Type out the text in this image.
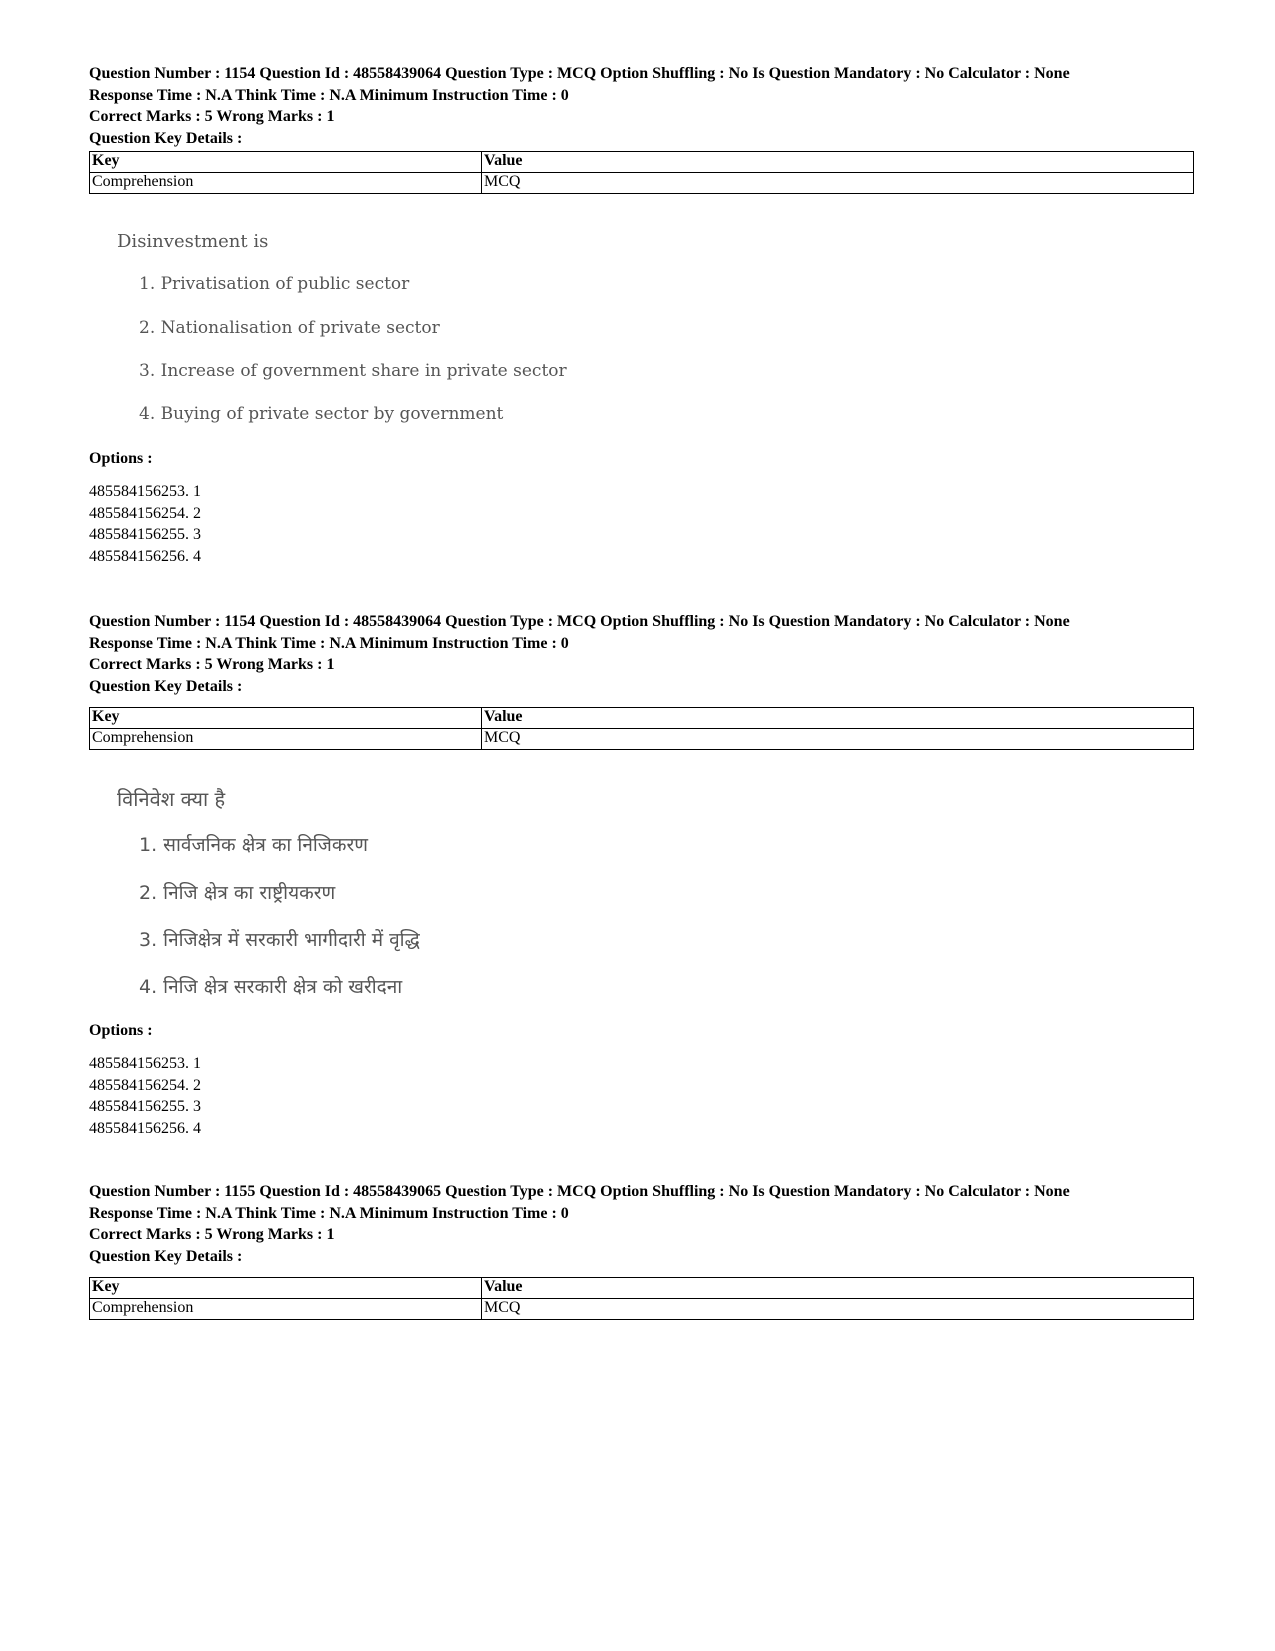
Question Number : 1154 Question Id : 48558439064 Question Type : MCQ Option Shuffling : No Is Question Mandatory : No Calculator : None
Response Time : N.A Think Time : N.A Minimum Instruction Time : 0
Correct Marks : 5 Wrong Marks : 1
Question Key Details :
Key	Value
Comprehension	MCQ
Disinvestment is
1. Privatisation of public sector
2. Nationalisation of private sector
3. Increase of government share in private sector
4. Buying of private sector by government
Options :
485584156253. 1
485584156254. 2
485584156255. 3
485584156256. 4
Question Number : 1154 Question Id : 48558439064 Question Type : MCQ Option Shuffling : No Is Question Mandatory : No Calculator : None
Response Time : N.A Think Time : N.A Minimum Instruction Time : 0
Correct Marks : 5 Wrong Marks : 1
Question Key Details :
Key	Value
Comprehension	MCQ
विनिवेश क्या है
1. सार्वजनिक क्षेत्र का निजिकरण
2. निजि क्षेत्र का राष्ट्रीयकरण
3. निजिक्षेत्र में सरकारी भागीदारी में वृद्धि
4. निजि क्षेत्र सरकारी क्षेत्र को खरीदना
Options :
485584156253. 1
485584156254. 2
485584156255. 3
485584156256. 4
Question Number : 1155 Question Id : 48558439065 Question Type : MCQ Option Shuffling : No Is Question Mandatory : No Calculator : None
Response Time : N.A Think Time : N.A Minimum Instruction Time : 0
Correct Marks : 5 Wrong Marks : 1
Question Key Details :
Key	Value
Comprehension	MCQ
